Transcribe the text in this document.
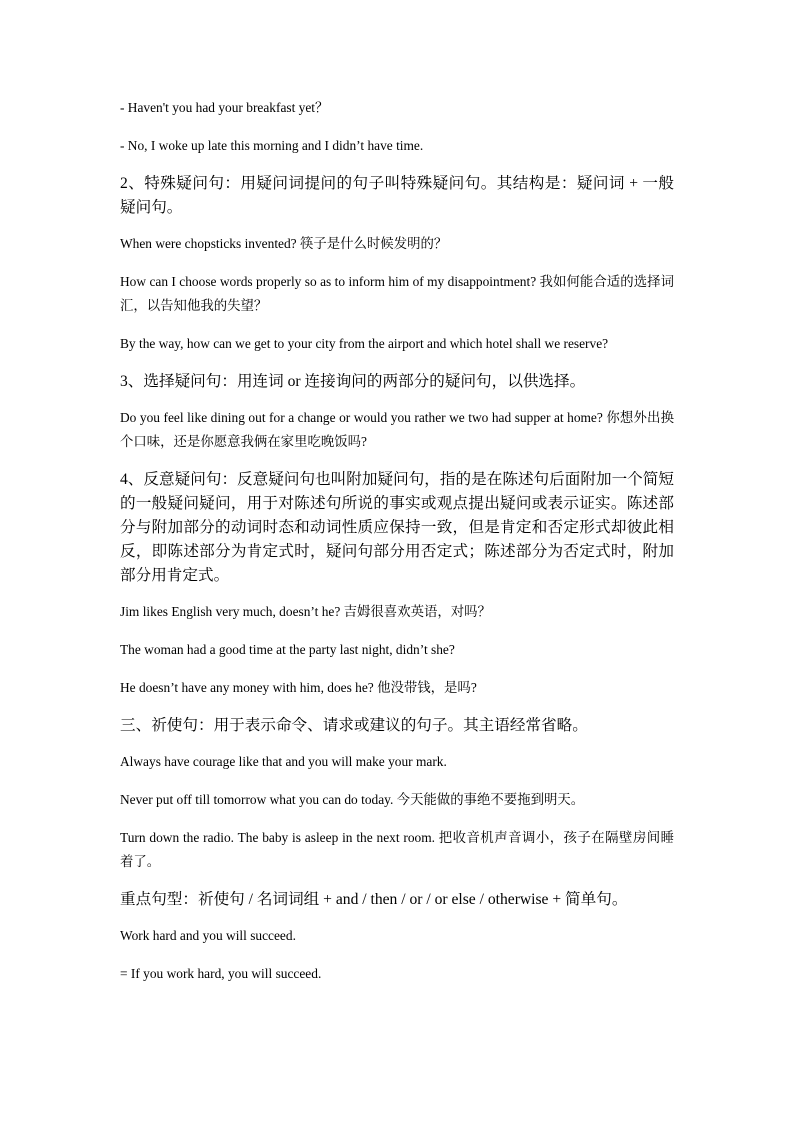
- Haven't you had your breakfast yet？

- No, I woke up late this morning and I didn’t have time.

2、特殊疑问句：用疑问词提问的句子叫特殊疑问句。其结构是：疑问词 + 一般疑问句。

When were chopsticks invented? 筷子是什么时候发明的？

How can I choose words properly so as to inform him of my disappointment? 我如何能合适的选择词汇，以告知他我的失望？

By the way, how can we get to your city from the airport and which hotel shall we reserve?

3、选择疑问句：用连词 or 连接询问的两部分的疑问句，以供选择。

Do you feel like dining out for a change or would you rather we two had supper at home? 你想外出换个口味，还是你愿意我俩在家里吃晚饭吗?

4、反意疑问句：反意疑问句也叫附加疑问句，指的是在陈述句后面附加一个简短的一般疑问疑问，用于对陈述句所说的事实或观点提出疑问或表示证实。陈述部分与附加部分的动词时态和动词性质应保持一致，但是肯定和否定形式却彼此相反，即陈述部分为肯定式时，疑问句部分用否定式；陈述部分为否定式时，附加部分用肯定式。

Jim likes English very much, doesn’t he? 吉姆很喜欢英语，对吗？

The woman had a good time at the party last night, didn’t she?

He doesn’t have any money with him, does he? 他没带钱，是吗?

三、祈使句：用于表示命令、请求或建议的句子。其主语经常省略。

Always have courage like that and you will make your mark.

Never put off till tomorrow what you can do today. 今天能做的事绝不要拖到明天。

Turn down the radio. The baby is asleep in the next room. 把收音机声音调小，孩子在隔壁房间睡着了。

重点句型：祈使句 / 名词词组 + and / then / or / or else / otherwise + 简单句。

Work hard and you will succeed.

= If you work hard, you will succeed.
